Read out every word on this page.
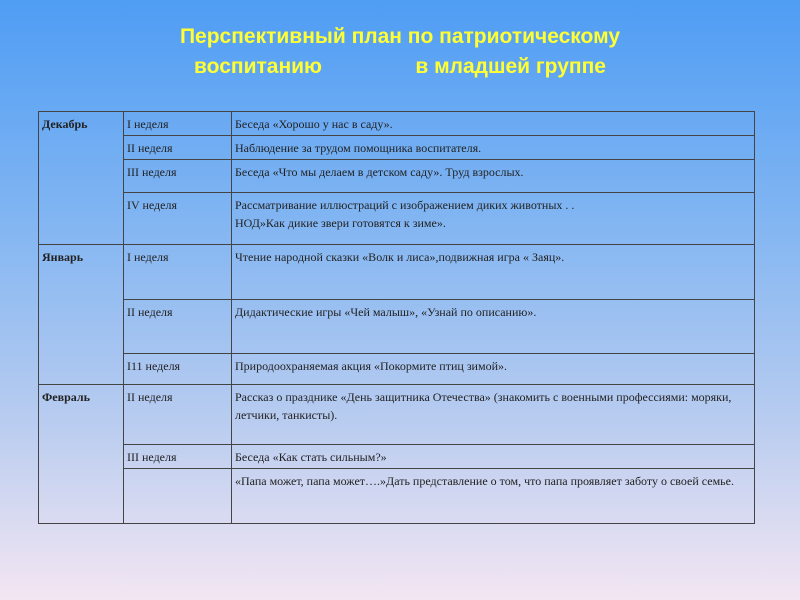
Перспективный план по патриотическому
воспитанию                в младшей группе
Декабрь	I неделя	Беседа «Хорошо у нас в саду».
	II неделя	Наблюдение за трудом помощника воспитателя.
	III неделя	Беседа «Что мы делаем в детском саду». Труд взрослых.
	IV неделя	Рассматривание иллюстраций с изображением диких животных . .
НОД»Как дикие звери готовятся к зиме».
Январь	I неделя	Чтение народной сказки «Волк и лиса»,подвижная игра « Заяц».
	II неделя	Дидактические игры «Чей малыш», «Узнай по описанию».
	I11 неделя	Природоохраняемая акция «Покормите птиц зимой».
Февраль	II неделя	Рассказ о празднике «День защитника Отечества» (знакомить с военными профессиями: моряки, летчики, танкисты).
	III неделя	Беседа «Как стать сильным?»
		«Папа может, папа может….»Дать представление о том, что папа проявляет заботу о своей семье.
